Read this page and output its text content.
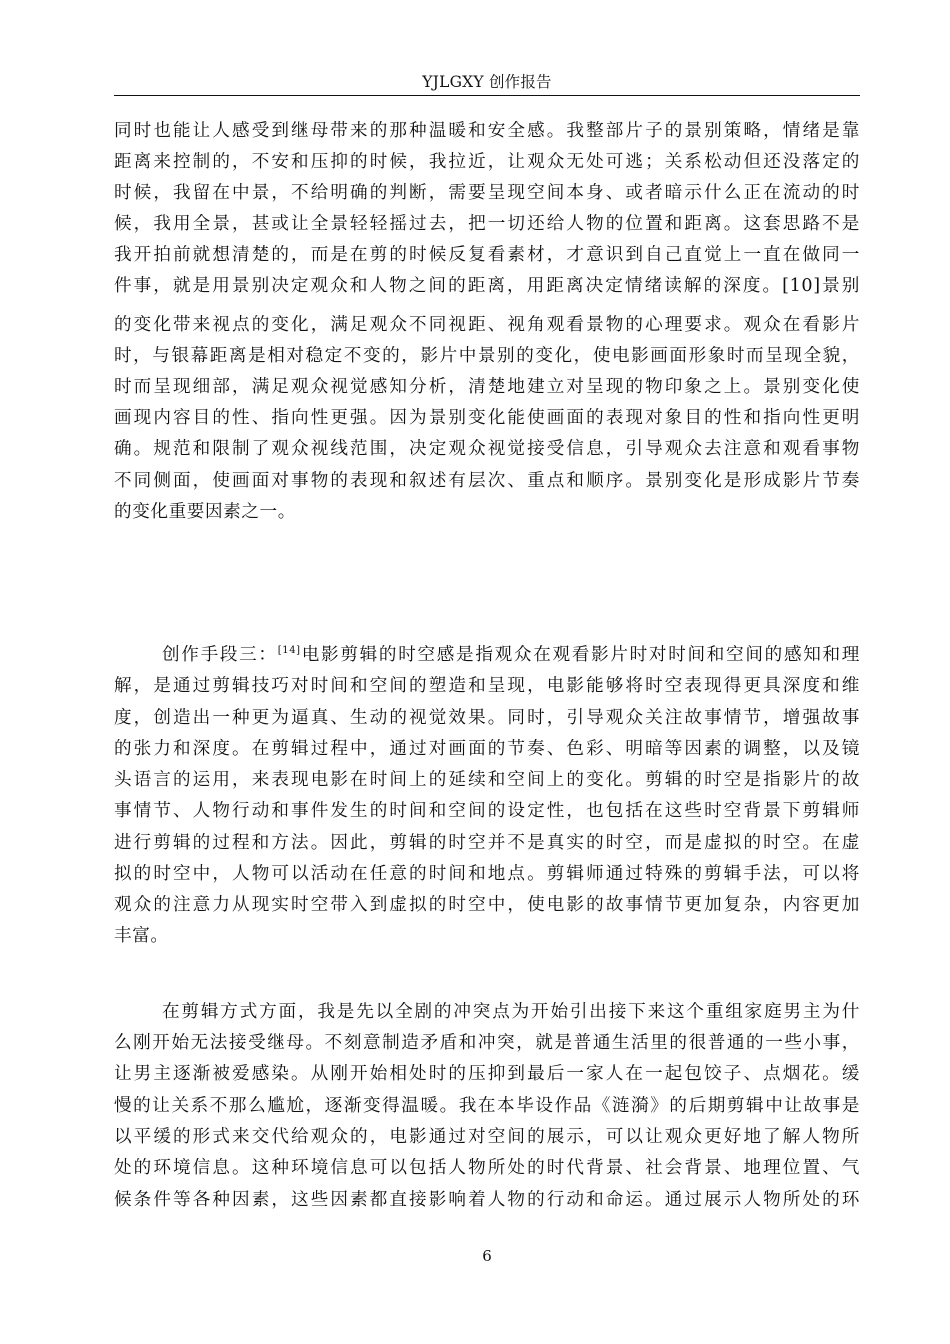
YJLGXY 创作报告
同时也能让人感受到继母带来的那种温暖和安全感。我整部片子的景别策略，情绪是靠
距离来控制的，不安和压抑的时候，我拉近，让观众无处可逃；关系松动但还没落定的
时候，我留在中景，不给明确的判断，需要呈现空间本身、或者暗示什么正在流动的时
候，我用全景，甚或让全景轻轻摇过去，把一切还给人物的位置和距离。这套思路不是
我开拍前就想清楚的，而是在剪的时候反复看素材，才意识到自己直觉上一直在做同一
件事，就是用景别决定观众和人物之间的距离，用距离决定情绪读解的深度。[10]景别
的变化带来视点的变化，满足观众不同视距、视角观看景物的心理要求。观众在看影片
时，与银幕距离是相对稳定不变的，影片中景别的变化，使电影画面形象时而呈现全貌，
时而呈现细部，满足观众视觉感知分析，清楚地建立对呈现的物印象之上。景别变化使
画现内容目的性、指向性更强。因为景别变化能使画面的表现对象目的性和指向性更明
确。规范和限制了观众视线范围，决定观众视觉接受信息，引导观众去注意和观看事物
不同侧面，使画面对事物的表现和叙述有层次、重点和顺序。景别变化是形成影片节奏
的变化重要因素之一。
创作手段三：[14]电影剪辑的时空感是指观众在观看影片时对时间和空间的感知和理
解，是通过剪辑技巧对时间和空间的塑造和呈现，电影能够将时空表现得更具深度和维
度，创造出一种更为逼真、生动的视觉效果。同时，引导观众关注故事情节，增强故事
的张力和深度。在剪辑过程中，通过对画面的节奏、色彩、明暗等因素的调整，以及镜
头语言的运用，来表现电影在时间上的延续和空间上的变化。剪辑的时空是指影片的故
事情节、人物行动和事件发生的时间和空间的设定性，也包括在这些时空背景下剪辑师
进行剪辑的过程和方法。因此，剪辑的时空并不是真实的时空，而是虚拟的时空。在虚
拟的时空中，人物可以活动在任意的时间和地点。剪辑师通过特殊的剪辑手法，可以将
观众的注意力从现实时空带入到虚拟的时空中，使电影的故事情节更加复杂，内容更加
丰富。
在剪辑方式方面，我是先以全剧的冲突点为开始引出接下来这个重组家庭男主为什
么刚开始无法接受继母。不刻意制造矛盾和冲突，就是普通生活里的很普通的一些小事，
让男主逐渐被爱感染。从刚开始相处时的压抑到最后一家人在一起包饺子、点烟花。缓
慢的让关系不那么尴尬，逐渐变得温暖。我在本毕设作品《涟漪》的后期剪辑中让故事是
以平缓的形式来交代给观众的，电影通过对空间的展示，可以让观众更好地了解人物所
处的环境信息。这种环境信息可以包括人物所处的时代背景、社会背景、地理位置、气
候条件等各种因素，这些因素都直接影响着人物的行动和命运。通过展示人物所处的环
6
